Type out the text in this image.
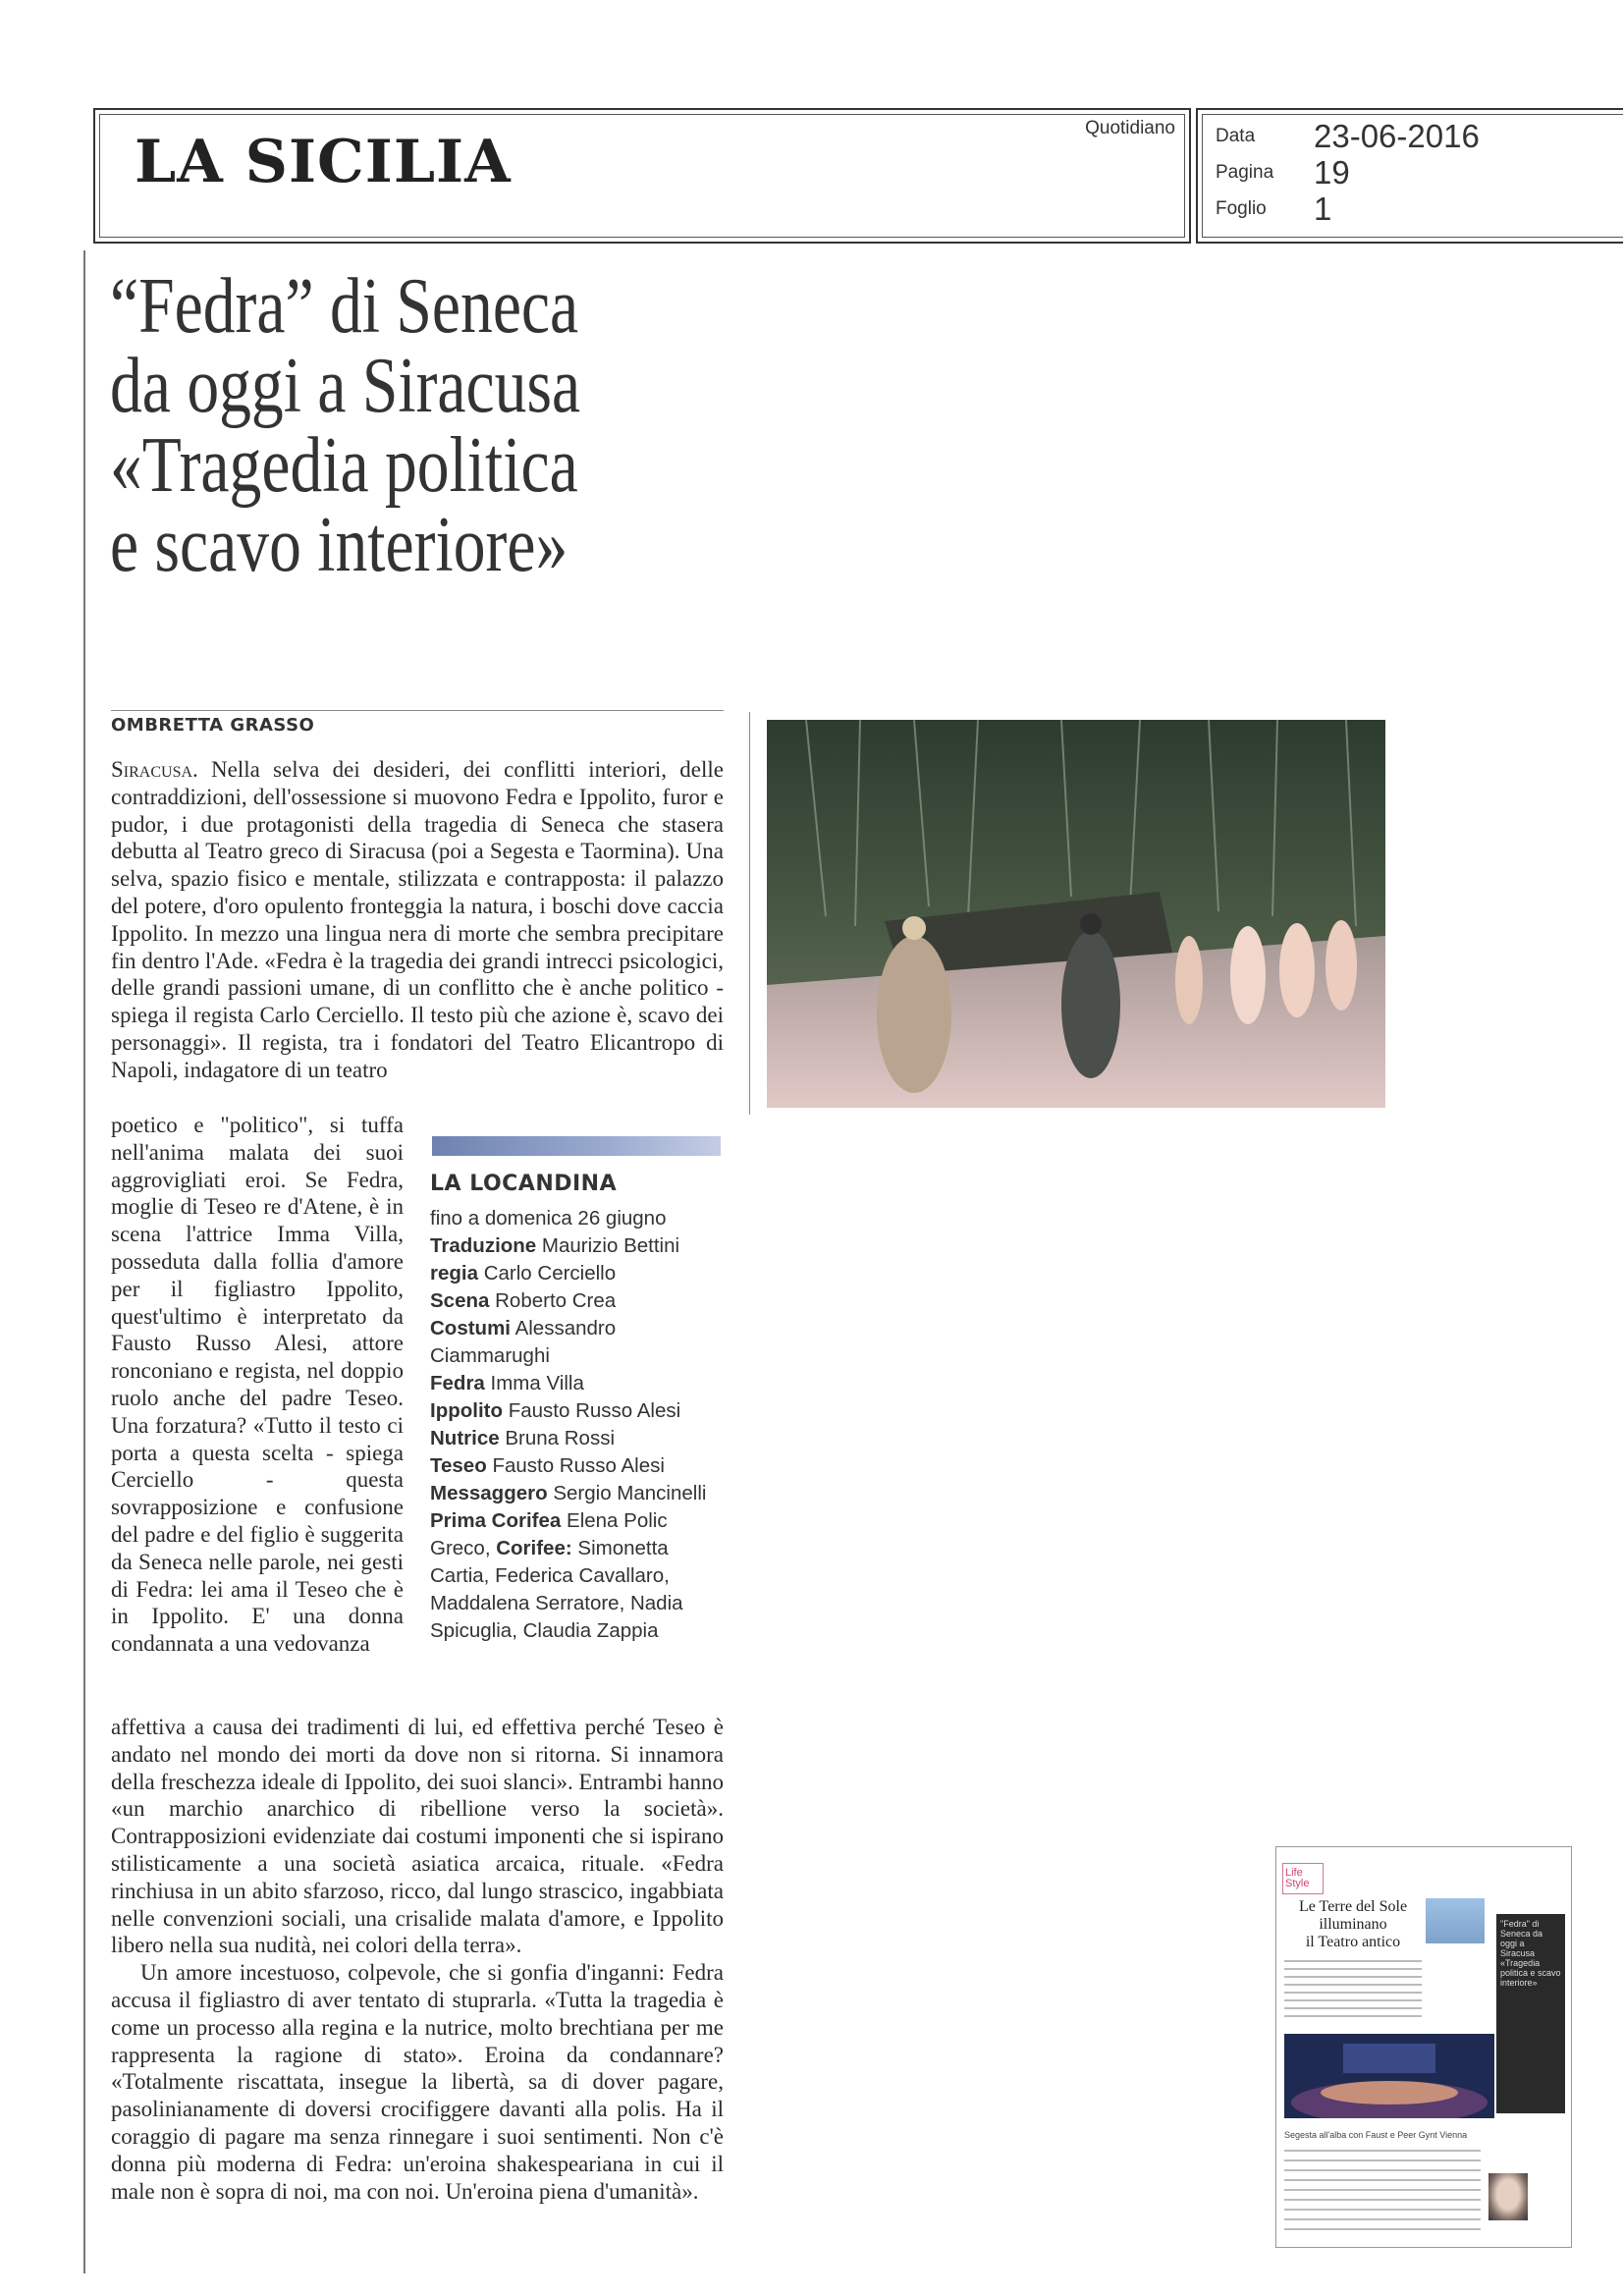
LA SICILIA	Quotidiano Data 23-06-2016
Pagina 19
Foglio 1
“Fedra” di Seneca
da oggi a Siracusa
«Tragedia politica
e scavo interiore»
OMBRETTA GRASSO

Siracusa. Nella selva dei desideri, dei conflitti interiori, delle contraddizioni, dell'ossessione si muovono Fedra e Ippolito, furor e pudor, i due protagonisti della tragedia di Seneca che stasera debutta al Teatro greco di Siracusa (poi a Segesta e Taormina). Una selva, spazio fisico e mentale, stilizzata e contrapposta: il palazzo del potere, d'oro opulento fronteggia la natura, i boschi dove caccia Ippolito. In mezzo una lingua nera di morte che sembra precipitare fin dentro l'Ade. «Fedra è la tragedia dei grandi intrecci psicologici, delle grandi passioni umane, di un conflitto che è anche politico - spiega il regista Carlo Cerciello. Il testo più che azione è, scavo dei personaggi». Il regista, tra i fondatori del Teatro Elicantropo di Napoli, indagatore di un teatro

poetico e "politico", si tuffa nell'anima malata dei suoi aggrovigliati eroi. Se Fedra, moglie di Teseo re d'Atene, è in scena l'attrice Imma Villa, posseduta dalla follia d'amore per il figliastro Ippolito, quest'ultimo è interpretato da Fausto Russo Alesi, attore ronconiano e regista, nel doppio ruolo anche del padre Teseo. Una forzatura? «Tutto il testo ci porta a questa scelta - spiega Cerciello - questa sovrapposizione e confusione del padre e del figlio è suggerita da Seneca nelle parole, nei gesti di Fedra: lei ama il Teseo che è in Ippolito. E' una donna condannata a una vedovanza

affettiva a causa dei tradimenti di lui, ed effettiva perché Teseo è andato nel mondo dei morti da dove non si ritorna. Si innamora della freschezza ideale di Ippolito, dei suoi slanci». Entrambi hanno «un marchio anarchico di ribellione verso la società». Contrapposizioni evidenziate dai costumi imponenti che si ispirano stilisticamente a una società asiatica arcaica, rituale. «Fedra rinchiusa in un abito sfarzoso, ricco, dal lungo strascico, ingabbiata nelle convenzioni sociali, una crisalide malata d'amore, e Ippolito libero nella sua nudità, nei colori della terra».

Un amore incestuoso, colpevole, che si gonfia d'inganni: Fedra accusa il figliastro di aver tentato di stuprarla. «Tutta la tragedia è come un processo alla regina e la nutrice, molto brechtiana per me rappresenta la ragione di stato». Eroina da condannare? «Totalmente riscattata, insegue la libertà, sa di dover pagare, pasolinianamente di doversi crocifiggere davanti alla polis. Ha il coraggio di pagare ma senza rinnegare i suoi sentimenti. Non c'è donna più moderna di Fedra: un'eroina shakespeariana in cui il male non è sopra di noi, ma con noi. Un'eroina piena d'umanità».

LA LOCANDINA
fino a domenica 26 giugno
Traduzione Maurizio Bettini
regia Carlo Cerciello
Scena Roberto Crea
Costumi Alessandro Ciammarughi
Fedra Imma Villa
Ippolito Fausto Russo Alesi
Nutrice Bruna Rossi
Teseo Fausto Russo Alesi
Messaggero Sergio Mancinelli
Prima Corifea Elena Polic Greco, Corifee: Simonetta Cartia, Federica Cavallaro, Maddalena Serratore, Nadia Spicuglia, Claudia Zappia
Life Style
Le Terre del Sole
illuminano
il Teatro antico
"Fedra" di Seneca da oggi a Siracusa «Tragedia politica e scavo interiore»
Segesta all'alba con Faust e Peer Gynt Vienna
